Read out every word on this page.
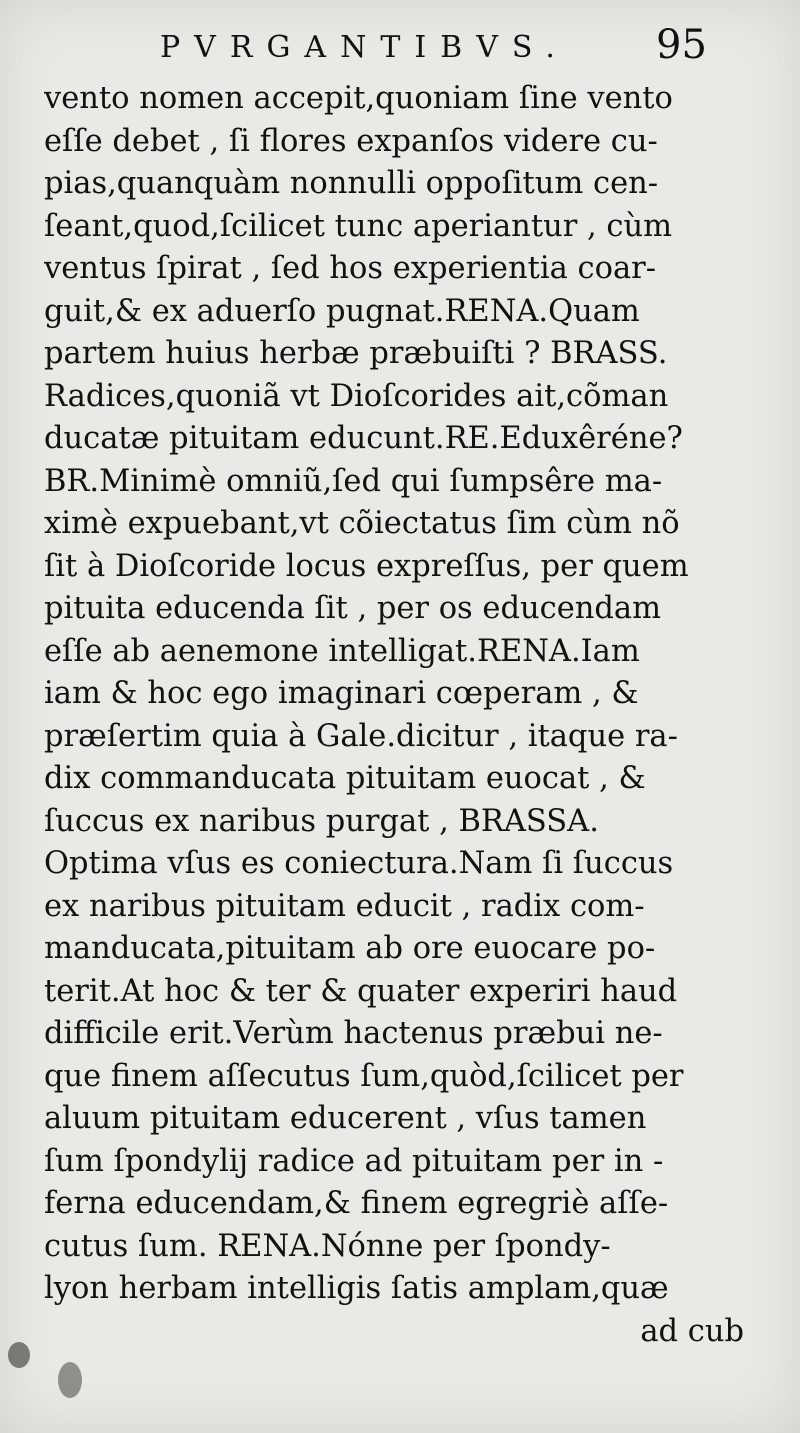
PVRGANTIBVS. 95
vento nomen accepit,quoniam ſine vento
eſſe debet , ſi flores expanſos videre cu-
pias,quanquàm nonnulli oppoſitum cen-
ſeant,quod,ſcilicet tunc aperiantur , cùm
ventus ſpirat , ſed hos experientia coar-
guit,& ex aduerſo pugnat.RENA.Quam
partem huius herbæ præbuiſti ? BRASS.
Radices,quoniã vt Dioſcorides ait,cõman
ducatæ pituitam educunt.RE.Eduxêréne?
BR.Minimè omniũ,ſed qui ſumpsêre ma-
ximè expuebant,vt cõiectatus ſim cùm nõ
ſit à Dioſcoride locus expreſſus, per quem
pituita educenda ſit , per os educendam
eſſe ab aenemone intelligat.RENA.Iam
iam & hoc ego imaginari cœperam , &
præſertim quia à Gale.dicitur , itaque ra-
dix commanducata pituitam euocat , &
ſuccus ex naribus purgat , BRASSA.
Optima vſus es coniectura.Nam ſi ſuccus
ex naribus pituitam educit , radix com-
manducata,pituitam ab ore euocare po-
terit.At hoc & ter & quater experiri haud
difficile erit.Verùm hactenus præbui ne-
que finem aſſecutus ſum,quòd,ſcilicet per
aluum pituitam educerent , vſus tamen
ſum ſpondylij radice ad pituitam per in -
ferna educendam,& finem egregriè aſſe-
cutus ſum. RENA.Nónne per ſpondy-
lyon herbam intelligis ſatis amplam,quæ
ad cub
